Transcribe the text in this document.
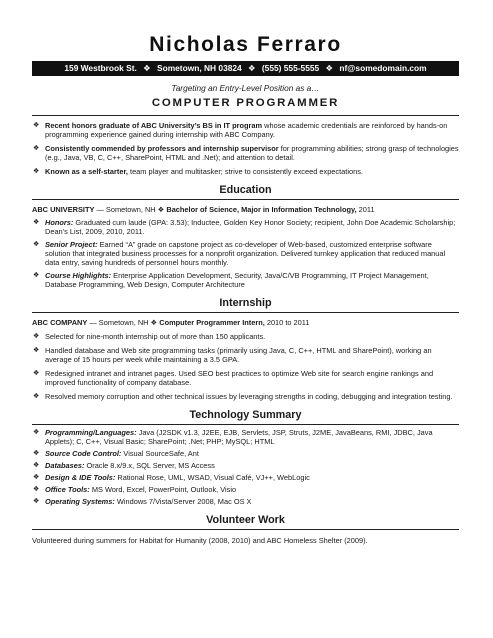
Nicholas Ferraro
159 Westbrook St. ❖ Sometown, NH 03824 ❖ (555) 555-5555 ❖ nf@somedomain.com
Targeting an Entry-Level Position as a…
COMPUTER PROGRAMMER
❖ Recent honors graduate of ABC University’s BS in IT program whose academic credentials are reinforced by hands-on programming experience gained during internship with ABC Company.
❖ Consistently commended by professors and internship supervisor for programming abilities; strong grasp of technologies (e.g., Java, VB, C, C++, SharePoint, HTML and .Net); and attention to detail.
❖ Known as a self-starter, team player and multitasker; strive to consistently exceed expectations.
Education
ABC UNIVERSITY — Sometown, NH ❖ Bachelor of Science, Major in Information Technology, 2011
❖ Honors: Graduated cum laude (GPA: 3.53); Inductee, Golden Key Honor Society; recipient, John Doe Academic Scholarship; Dean’s List, 2009, 2010, 2011.
❖ Senior Project: Earned “A” grade on capstone project as co-developer of Web-based, customized enterprise software solution that integrated business processes for a nonprofit organization. Delivered turnkey application that reduced manual data entry, saving hundreds of personnel hours monthly.
❖ Course Highlights: Enterprise Application Development, Security, Java/C/VB Programming, IT Project Management, Database Programming, Web Design, Computer Architecture
Internship
ABC COMPANY — Sometown, NH ❖ Computer Programmer Intern, 2010 to 2011
❖ Selected for nine-month internship out of more than 150 applicants.
❖ Handled database and Web site programming tasks (primarily using Java, C, C++, HTML and SharePoint), working an average of 15 hours per week while maintaining a 3.5 GPA.
❖ Redesigned intranet and intranet pages. Used SEO best practices to optimize Web site for search engine rankings and improved functionality of company database.
❖ Resolved memory corruption and other technical issues by leveraging strengths in coding, debugging and integration testing.
Technology Summary
❖ Programming/Languages: Java (J2SDK v1.3, J2EE, EJB, Servlets, JSP, Struts, J2ME, JavaBeans, RMI, JDBC, Java Applets); C, C++, Visual Basic; SharePoint; .Net; PHP; MySQL; HTML
❖ Source Code Control: Visual SourceSafe, Ant
❖ Databases: Oracle 8.x/9.x, SQL Server, MS Access
❖ Design & IDE Tools: Rational Rose, UML, WSAD, Visual Café, VJ++, WebLogic
❖ Office Tools: MS Word, Excel, PowerPoint, Outlook, Visio
❖ Operating Systems: Windows 7/Vista/Server 2008, Mac OS X
Volunteer Work
Volunteered during summers for Habitat for Humanity (2008, 2010) and ABC Homeless Shelter (2009).
